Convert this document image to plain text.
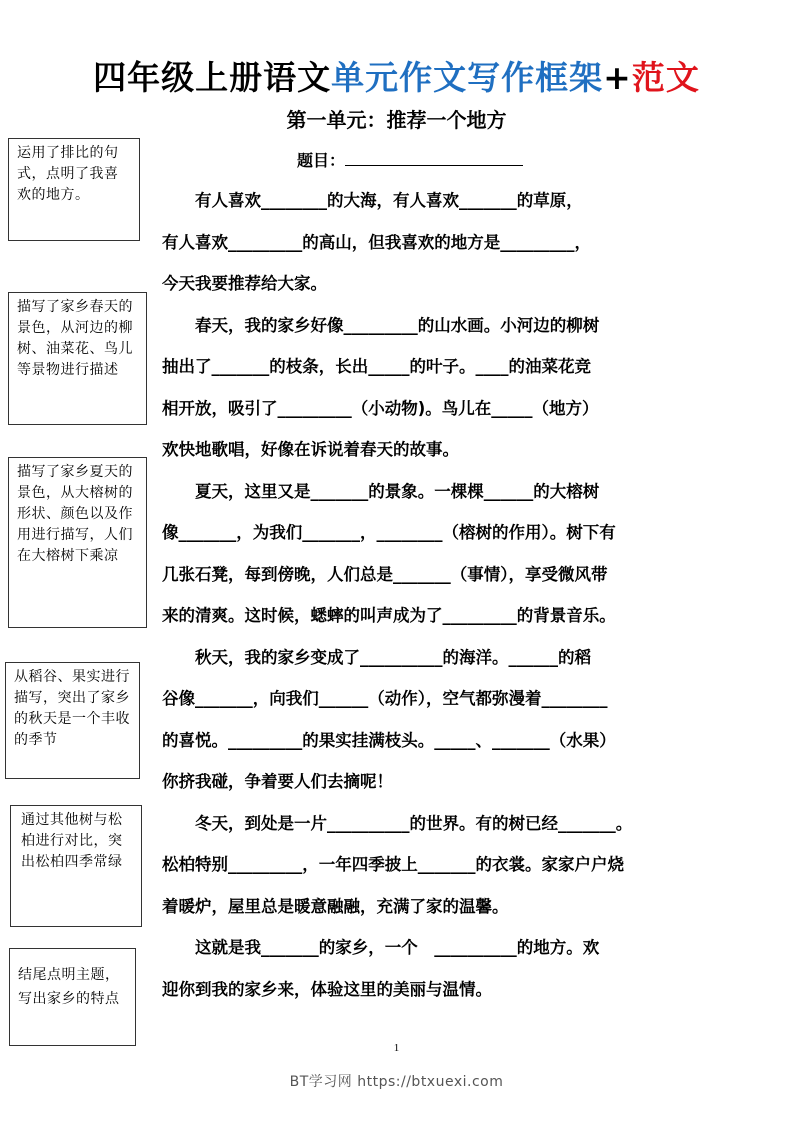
四年级上册语文单元作文写作框架+范文
第一单元：推荐一个地方
运用了排比的句式，点明了我喜欢的地方。
描写了家乡春天的景色，从河边的柳树、油菜花、鸟儿等景物进行描述
描写了家乡夏天的景色，从大榕树的形状、颜色以及作用进行描写，人们在大榕树下乘凉
从稻谷、果实进行描写，突出了家乡的秋天是一个丰收的季节
通过其他树与松柏进行对比，突出松柏四季常绿
结尾点明主题，写出家乡的特点
题目：
　　有人喜欢________的大海，有人喜欢_______的草原，
有人喜欢_________的高山，但我喜欢的地方是_________，
今天我要推荐给大家。
　　春天，我的家乡好像_________的山水画。小河边的柳树
抽出了_______的枝条，长出_____的叶子。____的油菜花竞
相开放，吸引了_________（小动物)。鸟儿在_____（地方）
欢快地歌唱，好像在诉说着春天的故事。
　　夏天，这里又是_______的景象。一棵棵______的大榕树
像_______，为我们_______，________（榕树的作用）。树下有
几张石凳，每到傍晚，人们总是_______（事情），享受微风带
来的清爽。这时候，蟋蟀的叫声成为了_________的背景音乐。
　　秋天，我的家乡变成了__________的海洋。______的稻
谷像_______，向我们______（动作），空气都弥漫着________
的喜悦。_________的果实挂满枝头。_____、_______（水果）
你挤我碰，争着要人们去摘呢！
　　冬天，到处是一片__________的世界。有的树已经_______。
松柏特别_________，一年四季披上_______的衣裳。家家户户烧
着暖炉，屋里总是暖意融融，充满了家的温馨。
　　这就是我_______的家乡，一个　__________的地方。欢
迎你到我的家乡来，体验这里的美丽与温情。
1
BT学习网 https://btxuexi.com
